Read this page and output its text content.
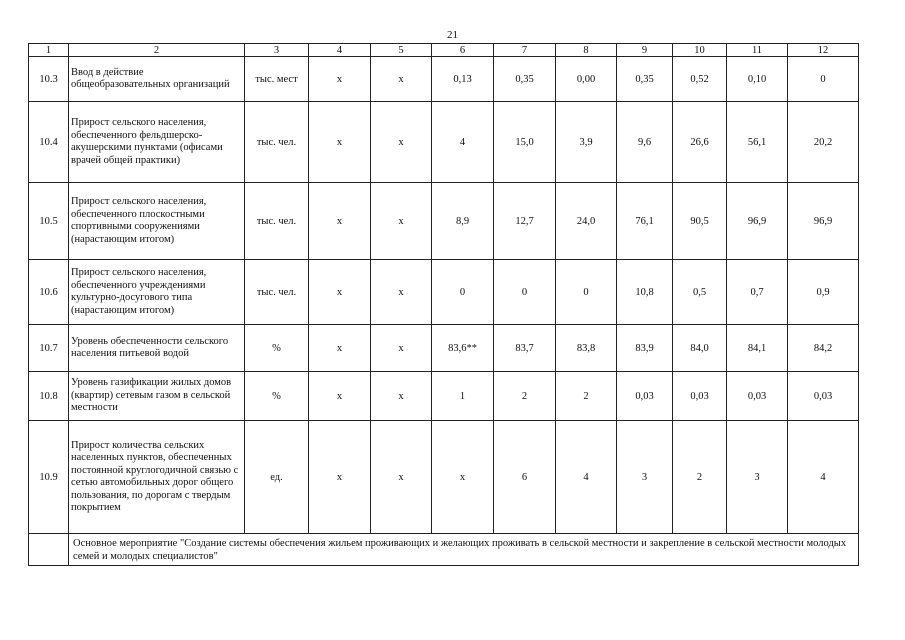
21
1	2	3	4	5	6	7	8	9	10	11	12
10.3	Ввод в действие общеобразовательных организаций	тыс. мест	х	х	0,13	0,35	0,00	0,35	0,52	0,10	0
10.4	Прирост сельского населения, обеспеченного фельдшерско-акушерскими пунктами (офисами врачей общей практики)	тыс. чел.	х	х	4	15,0	3,9	9,6	26,6	56,1	20,2
10.5	Прирост сельского населения, обеспеченного плоскостными спортивными сооружениями (нарастающим итогом)	тыс. чел.	х	х	8,9	12,7	24,0	76,1	90,5	96,9	96,9
10.6	Прирост сельского населения, обеспеченного учреждениями культурно-досугового типа (нарастающим итогом)	тыс. чел.	х	х	0	0	0	10,8	0,5	0,7	0,9
10.7	Уровень обеспеченности сельского населения питьевой водой	%	х	х	83,6**	83,7	83,8	83,9	84,0	84,1	84,2
10.8	Уровень газификации жилых домов (квартир) сетевым газом в сельской местности	%	х	х	1	2	2	0,03	0,03	0,03	0,03
10.9	Прирост количества сельских населенных пунктов, обеспеченных постоянной круглогодичной связью с сетью автомобильных дорог общего пользования, по дорогам с твердым покрытием	ед.	х	х	х	6	4	3	2	3	4
	Основное мероприятие "Создание системы обеспечения жильем проживающих и желающих проживать в сельской местности и закрепление в сельской местности молодых семей и молодых специалистов"										
